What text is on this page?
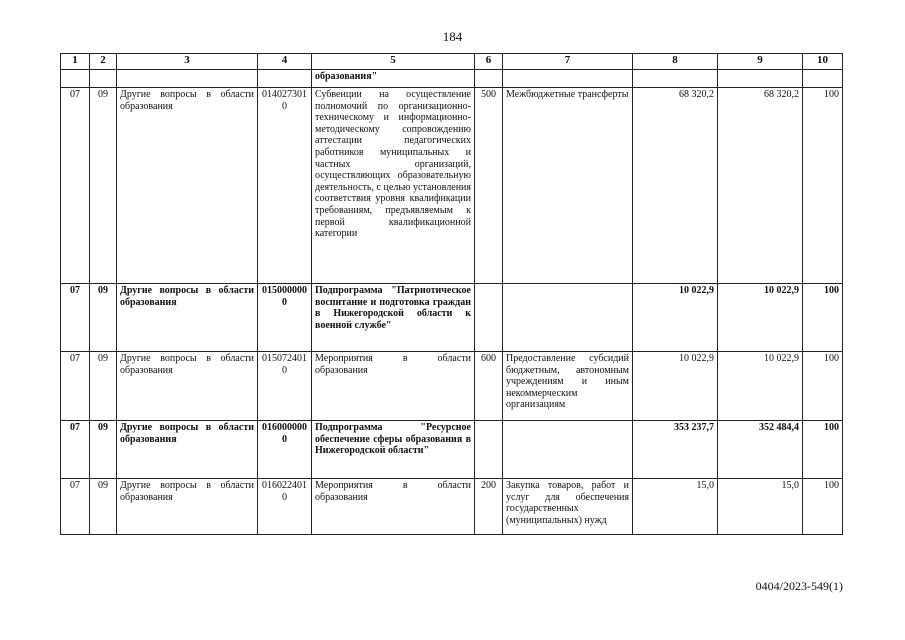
184
1	2	3	4	5	6	7	8	9	10
				образования"					
07	09	Другие вопросы в области образования	0140273010	Субвенции на осуществление полномочий по организационно-техническому и информационно-методическому сопровождению аттестации педагогических работников муниципальных и частных организаций, осуществляющих образовательную деятельность, с целью установления соответствия уровня квалификации требованиям, предъявляемым к первой квалификационной категории	500	Межбюджетные трансферты	68 320,2	68 320,2	100
07	09	Другие вопросы в области образования	0150000000	Подпрограмма "Патриотическое воспитание и подготовка граждан в Нижегородской области к военной службе"			10 022,9	10 022,9	100
07	09	Другие вопросы в области образования	0150724010	Мероприятия в области образования	600	Предоставление субсидий бюджетным, автономным учреждениям и иным некоммерческим организациям	10 022,9	10 022,9	100
07	09	Другие вопросы в области образования	0160000000	Подпрограмма "Ресурсное обеспечение сферы образования в Нижегородской области"			353 237,7	352 484,4	100
07	09	Другие вопросы в области образования	0160224010	Мероприятия в области образования	200	Закупка товаров, работ и услуг для обеспечения государственных (муниципальных) нужд	15,0	15,0	100
0404/2023-549(1)
